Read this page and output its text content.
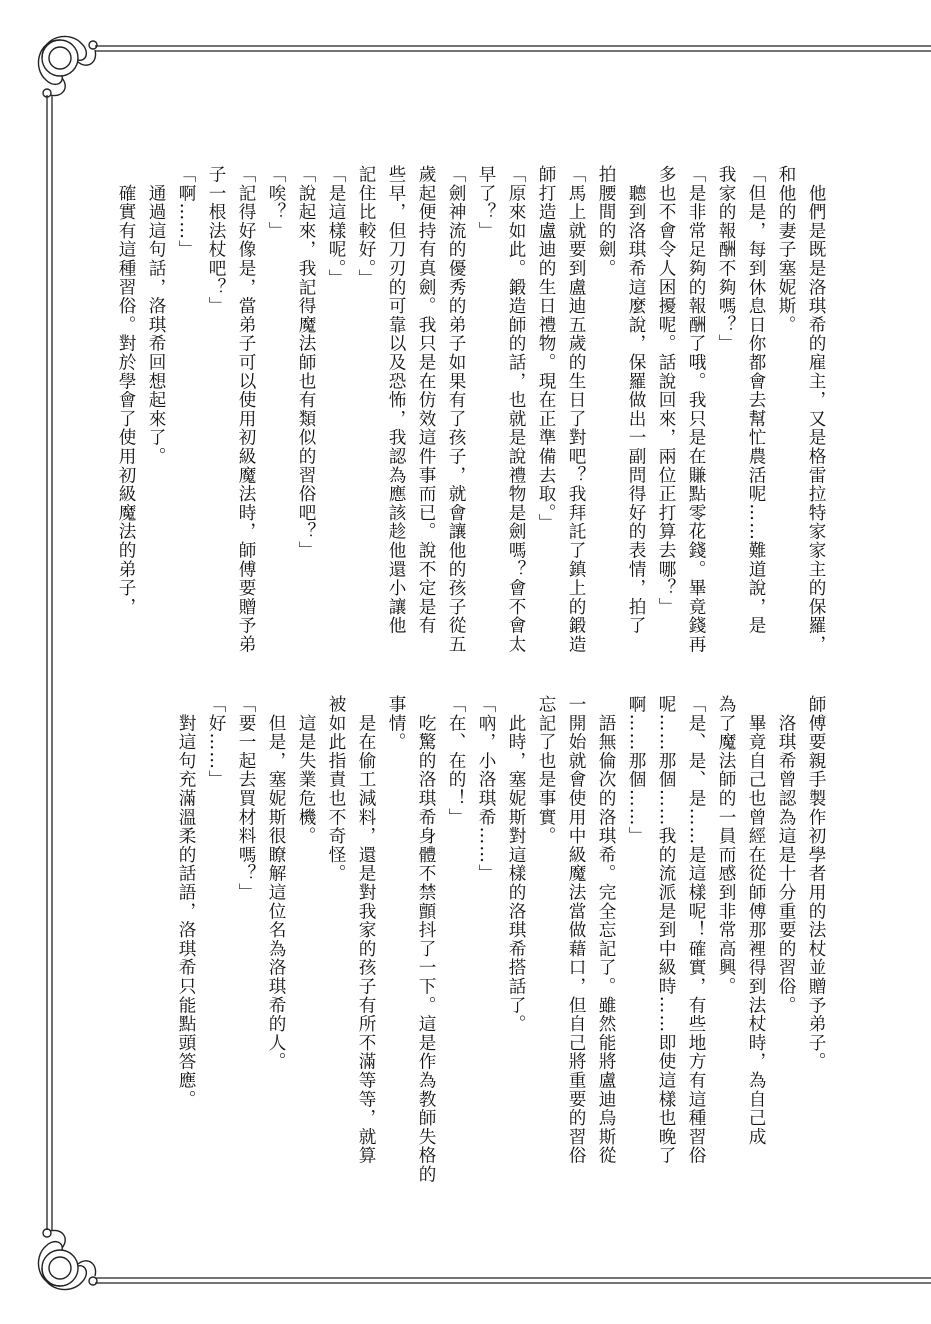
　他們是既是洛琪希的雇主，又是格雷拉特家家主的保羅，
和他的妻子塞妮斯。
「但是，每到休息日你都會去幫忙農活呢……難道說，是
我家的報酬不夠嗎？」
「是非常足夠的報酬了哦。我只是在賺點零花錢。畢竟錢再
多也不會令人困擾呢。話說回來，兩位正打算去哪？」
　聽到洛琪希這麼說，保羅做出一副問得好的表情，拍了
拍腰間的劍。
「馬上就要到盧迪五歲的生日了對吧？我拜託了鎮上的鍛造
師打造盧迪的生日禮物。現在正準備去取。」
「原來如此。鍛造師的話，也就是說禮物是劍嗎？會不會太
早了？」
「劍神流的優秀的弟子如果有了孩子，就會讓他的孩子從五
歲起便持有真劍。我只是在仿效這件事而已。說不定是有
些早，但刀刃的可靠以及恐怖，我認為應該趁他還小讓他
記住比較好。」
「是這樣呢。」
「說起來，我記得魔法師也有類似的習俗吧？」
「唉？」
「記得好像是，當弟子可以使用初級魔法時，師傅要贈予弟
子一根法杖吧？」
「啊……」
　通過這句話，洛琪希回想起來了。
　確實有這種習俗。對於學會了使用初級魔法的弟子，
師傅要親手製作初學者用的法杖並贈予弟子。
　洛琪希曾認為這是十分重要的習俗。
　畢竟自己也曾經在從師傅那裡得到法杖時，為自己成
為了魔法師的一員而感到非常高興。
「是、是、是……是這樣呢！確實，有些地方有這種習俗
呢……那個……我的流派是到中級時……即使這樣也晚了
啊……那個……」
　語無倫次的洛琪希。完全忘記了。雖然能將盧迪烏斯從
一開始就會使用中級魔法當做藉口，但自己將重要的習俗
忘記了也是事實。
　此時，塞妮斯對這樣的洛琪希搭話了。
「吶，小洛琪希……」
「在、在的！」
　吃驚的洛琪希身體不禁顫抖了一下。這是作為教師失格的
事情。
　是在偷工減料，還是對我家的孩子有所不滿等等，就算
被如此指責也不奇怪。
　這是失業危機。
　但是，塞妮斯很瞭解這位名為洛琪希的人。
「要一起去買材料嗎？」
「好……」
　對這句充滿溫柔的話語，洛琪希只能點頭答應。
